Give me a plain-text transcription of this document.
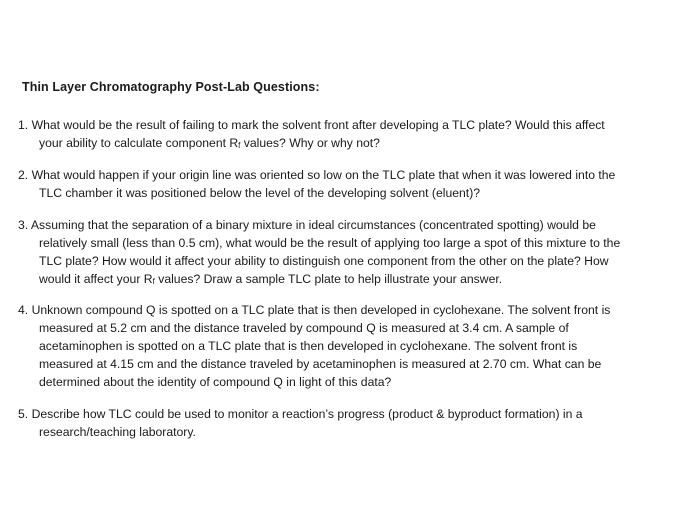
Thin Layer Chromatography Post-Lab Questions:
1. What would be the result of failing to mark the solvent front after developing a TLC plate? Would this affect
your ability to calculate component Rf values? Why or why not?
2. What would happen if your origin line was oriented so low on the TLC plate that when it was lowered into the
TLC chamber it was positioned below the level of the developing solvent (eluent)?
3. Assuming that the separation of a binary mixture in ideal circumstances (concentrated spotting) would be
relatively small (less than 0.5 cm), what would be the result of applying too large a spot of this mixture to the
TLC plate? How would it affect your ability to distinguish one component from the other on the plate? How
would it affect your Rf values? Draw a sample TLC plate to help illustrate your answer.
4. Unknown compound Q is spotted on a TLC plate that is then developed in cyclohexane. The solvent front is
measured at 5.2 cm and the distance traveled by compound Q is measured at 3.4 cm. A sample of
acetaminophen is spotted on a TLC plate that is then developed in cyclohexane. The solvent front is
measured at 4.15 cm and the distance traveled by acetaminophen is measured at 2.70 cm. What can be
determined about the identity of compound Q in light of this data?
5. Describe how TLC could be used to monitor a reaction’s progress (product & byproduct formation) in a
research/teaching laboratory.
